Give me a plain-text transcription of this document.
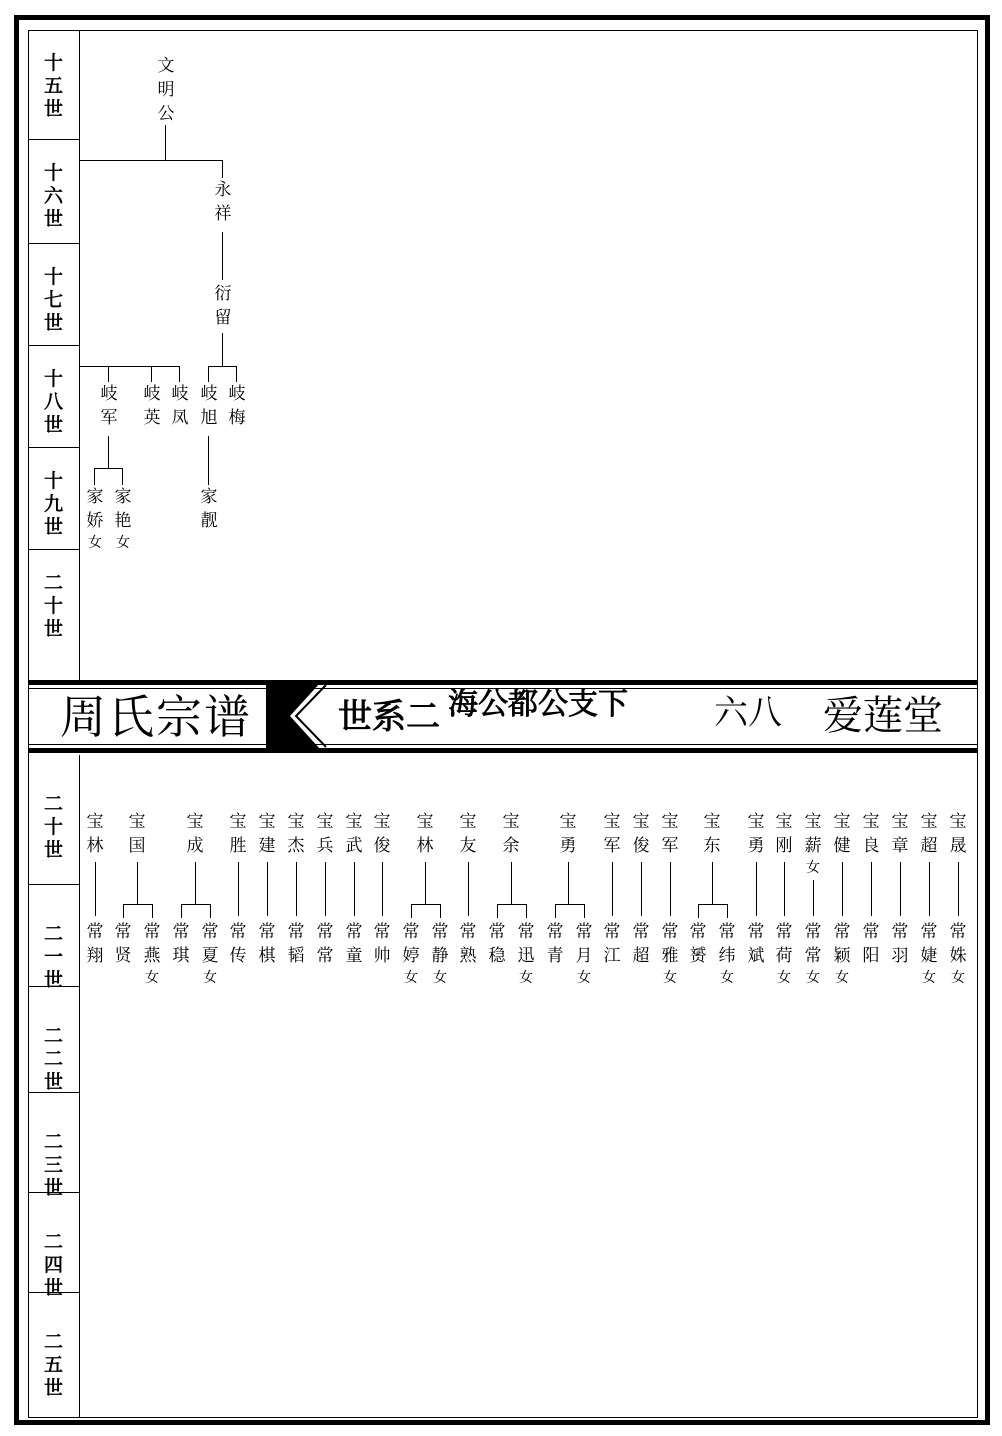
十
五
世
十
六
世
十
七
世
十
八
世
十
九
世
二
十
世
二
十
世
二
一
世
二
二
世
二
三
世
二
四
世
二
五
世
周氏宗谱	世系二 海公都公支下	六八 爱莲堂
文
明
公
永
祥
衍
留
岐
军
岐
英
岐
凤
岐
旭
岐
梅
家
娇
女
家
艳
女
家
靓
宝
林
宝
国
宝
成
宝
胜
宝
建
宝
杰
宝
兵
宝
武
宝
俊
宝
林
宝
友
宝
余
宝
勇
宝
军
宝
俊
宝
军
宝
东
宝
勇
宝
刚
宝
薪
女
宝
健
宝
良
宝
章
宝
超
宝
晟
常
翔
常
贤
常
燕
女
常
琪
常
夏
女
常
传
常
棋
常
韬
常
常
常
童
常
帅
常
婷
女
常
静
女
常
熟
常
稳
常
迅
女
常
青
常
月
女
常
江
常
超
常
雅
女
常
赟
常
纬
女
常
斌
常
荷
女
常
常
女
常
颖
女
常
阳
常
羽
常
婕
女
常
姝
女
